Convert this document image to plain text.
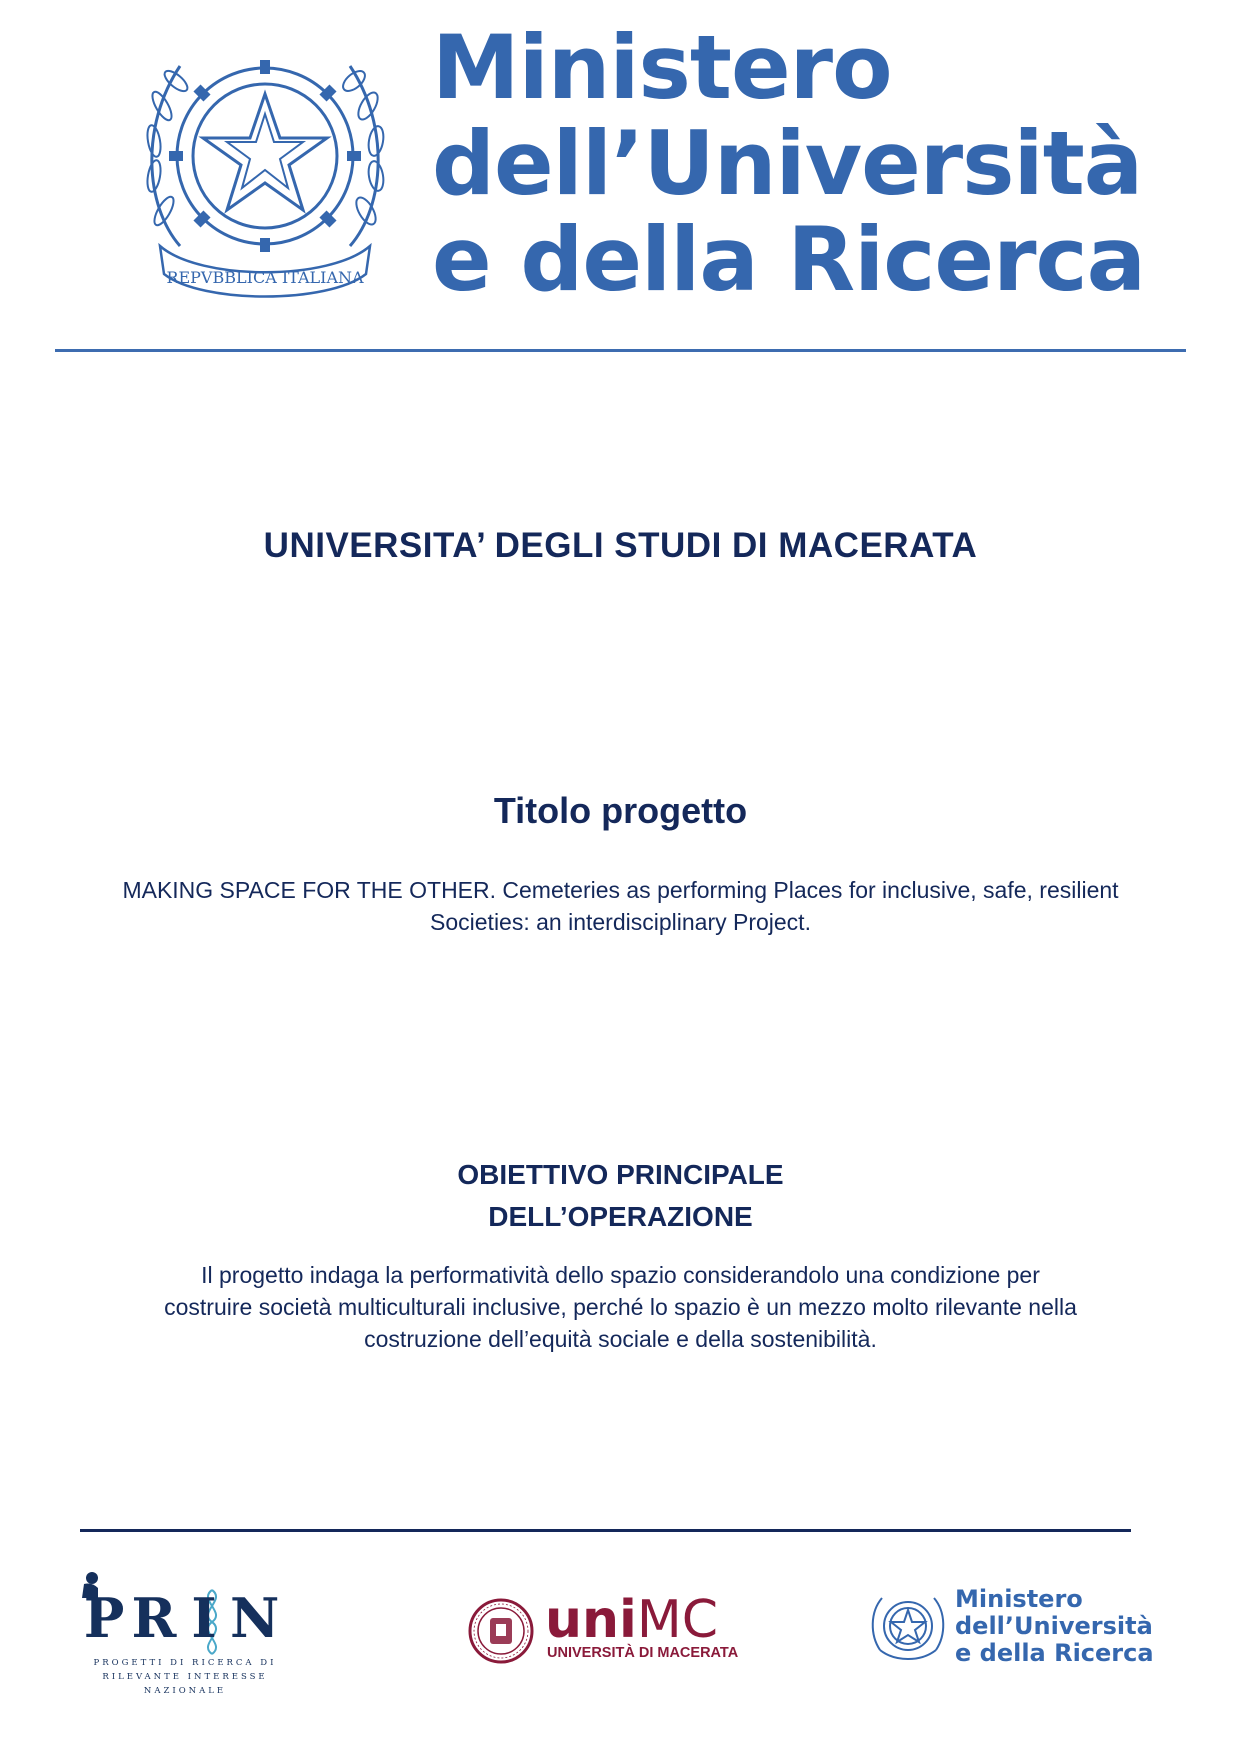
REPVBBLICA ITALIANA
Ministero
dell’Università
e della Ricerca
UNIVERSITA’ DEGLI STUDI DI MACERATA
Titolo progetto
MAKING SPACE FOR THE OTHER. Cemeteries as performing Places for inclusive, safe, resilient
Societies: an interdisciplinary Project.
OBIETTIVO PRINCIPALE
DELL’OPERAZIONE
Il progetto indaga la performatività dello spazio considerandolo una condizione per
costruire società multiculturali inclusive, perché lo spazio è un mezzo molto rilevante nella
costruzione dell’equità sociale e della sostenibilità.
PR I N
PROGETTI DI RICERCA DI
RILEVANTE INTERESSE
NAZIONALE
uniMC
UNIVERSITÀ DI MACERATA
Ministero
dell’Università
e della Ricerca
